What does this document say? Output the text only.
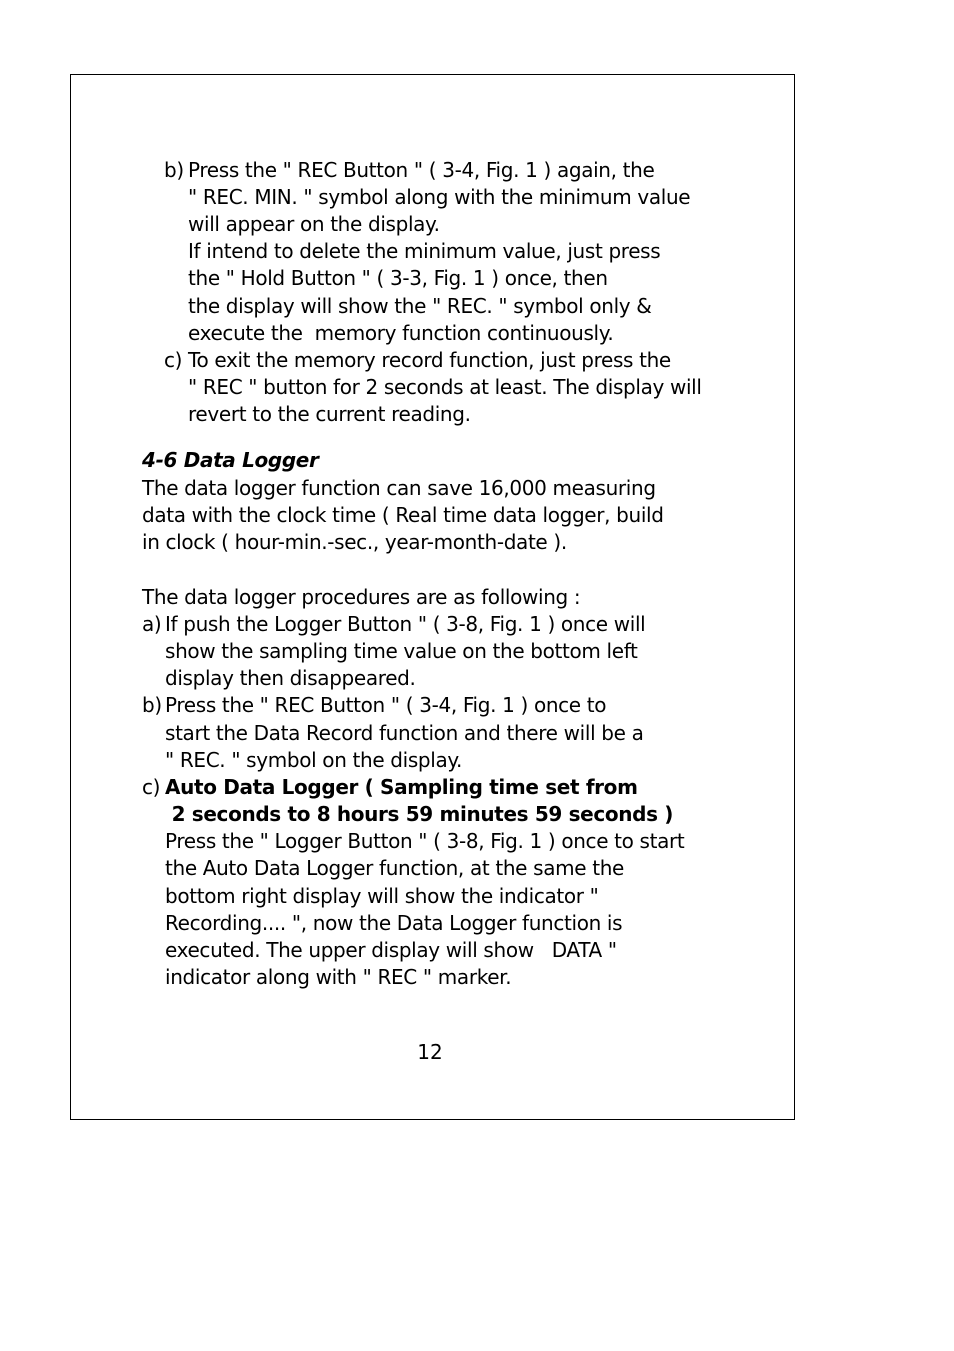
b) Press the " REC Button " ( 3-4, Fig. 1 ) again, the

" REC. MIN. " symbol along with the minimum value

will appear on the display.

If intend to delete the minimum value, just press

the " Hold Button " ( 3-3, Fig. 1 ) once, then

the display will show the " REC. " symbol only &

execute the  memory function continuously.

c) To exit the memory record function, just press the

" REC " button for 2 seconds at least. The display will

revert to the current reading.

4-6 Data Logger

The data logger function can save 16,000 measuring

data with the clock time ( Real time data logger, build

in clock ( hour-min.-sec., year-month-date ).

The data logger procedures are as following :

a) If push the Logger Button " ( 3-8, Fig. 1 ) once will

show the sampling time value on the bottom left

display then disappeared.

b) Press the " REC Button " ( 3-4, Fig. 1 ) once to

start the Data Record function and there will be a

" REC. " symbol on the display.

c) Auto Data Logger ( Sampling time set from

2 seconds to 8 hours 59 minutes 59 seconds )

Press the " Logger Button " ( 3-8, Fig. 1 ) once to start

the Auto Data Logger function, at the same the

bottom right display will show the indicator "

Recording.... ", now the Data Logger function is

executed. The upper display will show   DATA "

indicator along with " REC " marker.

12
